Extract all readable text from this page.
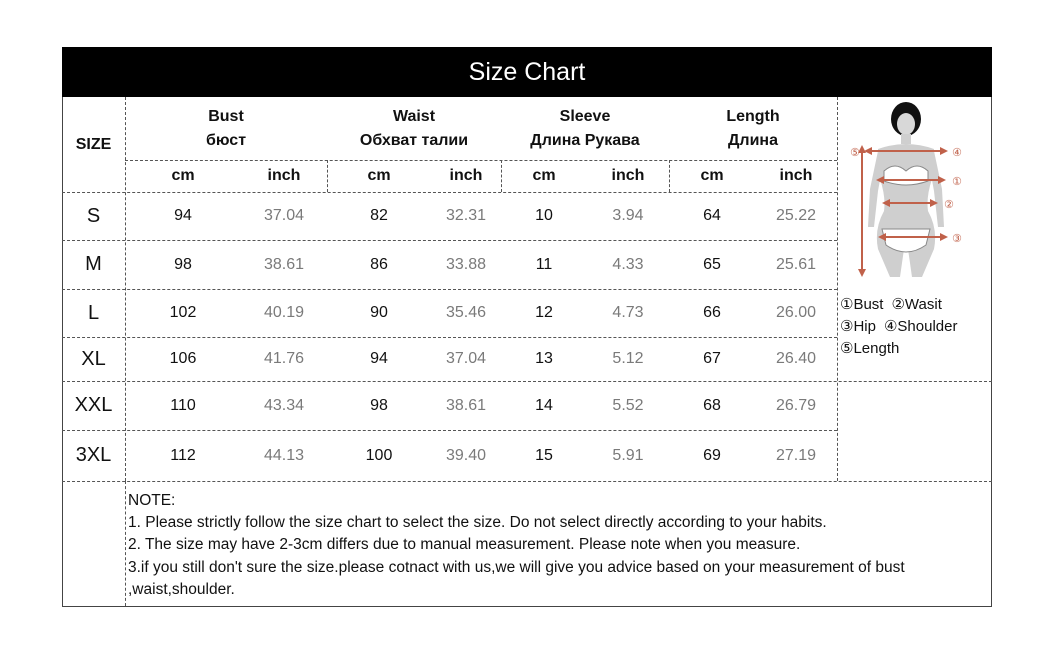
Size Chart
SIZE
Bust
бюст
Waist
Обхват талии
Sleeve
Длина Рукава
Length
Длина
cm	inch	cm	inch	cm	inch	cm	inch
S	94	37.04	82	32.31	10	3.94	64	25.22
M	98	38.61	86	33.88	11	4.33	65	25.61
L	102	40.19	90	35.46	12	4.73	66	26.00
XL	106	41.76	94	37.04	13	5.12	67	26.40
XXL	110	43.34	98	38.61	14	5.52	68	26.79
3XL	112	44.13	100	39.40	15	5.91	69	27.19
⑤	④
①
②
③
①Bust ②Wasit
③Hip ④Shoulder
⑤Length
NOTE:
1. Please strictly follow the size chart to select the size. Do not select directly according to your habits.
2. The size may have 2-3cm differs due to manual measurement. Please note when you measure.
3.if you still don't sure the size.please cotnact with us,we will give you advice based on your measurement of bust
,waist,shoulder.
